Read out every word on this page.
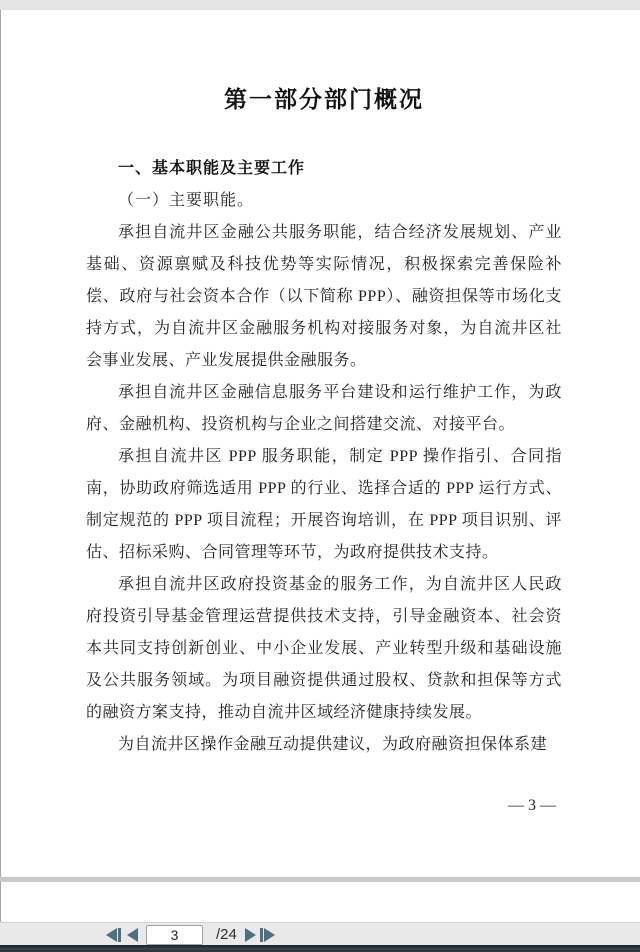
第一部分部门概况
一、基本职能及主要工作
（一）主要职能。

承担自流井区金融公共服务职能，结合经济发展规划、产业基础、资源禀赋及科技优势等实际情况，积极探索完善保险补偿、政府与社会资本合作（以下简称 PPP）、融资担保等市场化支持方式，为自流井区金融服务机构对接服务对象，为自流井区社会事业发展、产业发展提供金融服务。

承担自流井区金融信息服务平台建设和运行维护工作，为政府、金融机构、投资机构与企业之间搭建交流、对接平台。

承担自流井区 PPP 服务职能，制定 PPP 操作指引、合同指南，协助政府筛选适用 PPP 的行业、选择合适的 PPP 运行方式、制定规范的 PPP 项目流程；开展咨询培训，在 PPP 项目识别、评估、招标采购、合同管理等环节，为政府提供技术支持。

承担自流井区政府投资基金的服务工作，为自流井区人民政府投资引导基金管理运营提供技术支持，引导金融资本、社会资本共同支持创新创业、中小企业发展、产业转型升级和基础设施及公共服务领域。为项目融资提供通过股权、贷款和担保等方式的融资方案支持，推动自流井区域经济健康持续发展。

为自流井区操作金融互动提供建议，为政府融资担保体系建

— 3 —
3
/24
